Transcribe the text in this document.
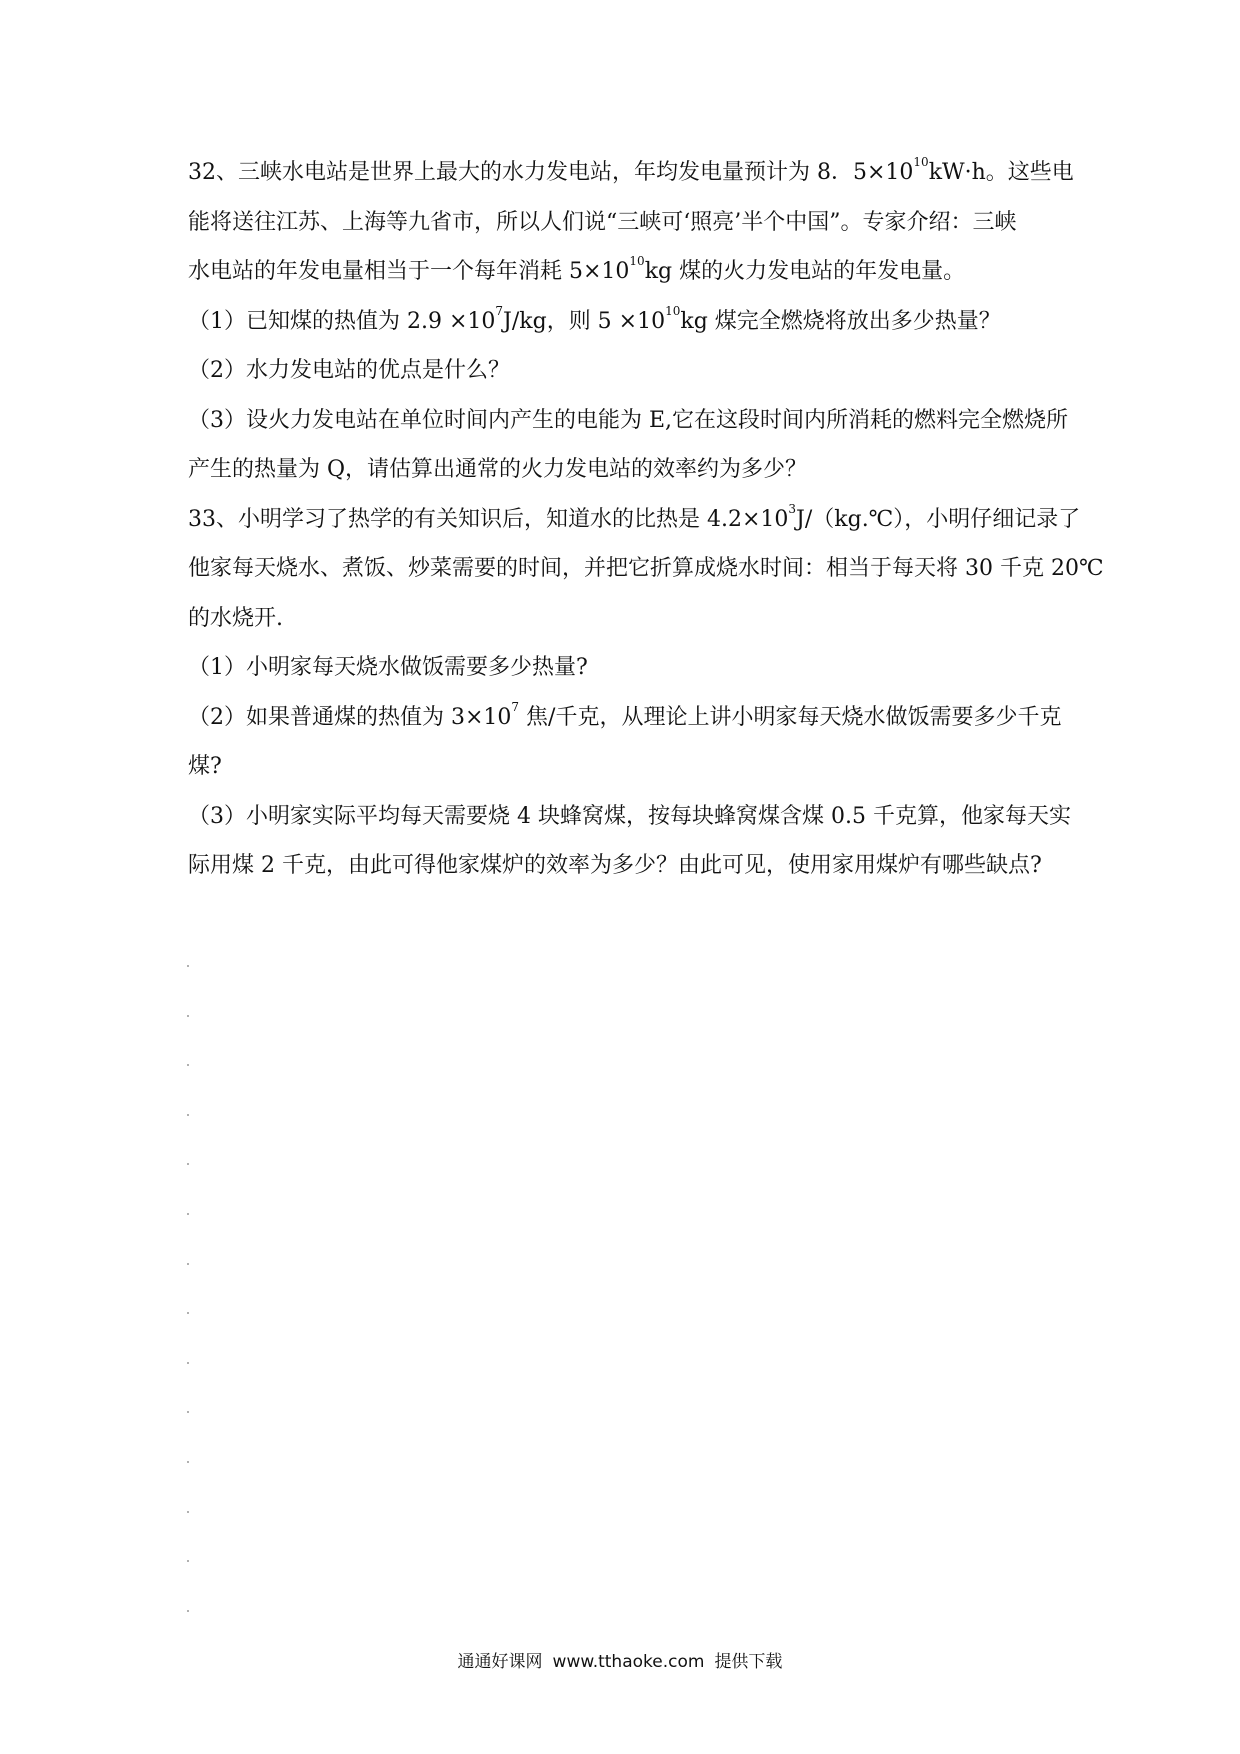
32、三峡水电站是世界上最大的水力发电站，年均发电量预计为 8．$5\times 10^{10}kW\cdot h$。这些电
能将送往江苏、上海等九省市，所以人们说“三峡可‘照亮’半个中国”。专家介绍：三峡
水电站的年发电量相当于一个每年消耗 $5\times 10^{10}kg$ 煤的火力发电站的年发电量。
（1）已知煤的热值为 $2.9 \times 10^7J/kg$，则 $5 \times 10^{10}kg$ 煤完全燃烧将放出多少热量？
（2）水力发电站的优点是什么？
（3）设火力发电站在单位时间内产生的电能为 E,它在这段时间内所消耗的燃料完全燃烧所
产生的热量为 Q，请估算出通常的火力发电站的效率约为多少？
33、小明学习了热学的有关知识后，知道水的比热是 $4.2\times 10^3J/(kg.℃)$，小明仔细记录了
他家每天烧水、煮饭、炒菜需要的时间，并把它折算成烧水时间：相当于每天将 30 千克 20℃
的水烧开.
（1）小明家每天烧水做饭需要多少热量?
（2）如果普通煤的热值为 $3\times 10^7$ 焦/千克，从理论上讲小明家每天烧水做饭需要多少千克
煤?
（3）小明家实际平均每天需要烧 4 块蜂窝煤，按每块蜂窝煤含煤 0.5 千克算，他家每天实
际用煤 2 千克，由此可得他家煤炉的效率为多少？由此可见，使用家用煤炉有哪些缺点?
通通好课网 www.tthaoke.com 提供下载
